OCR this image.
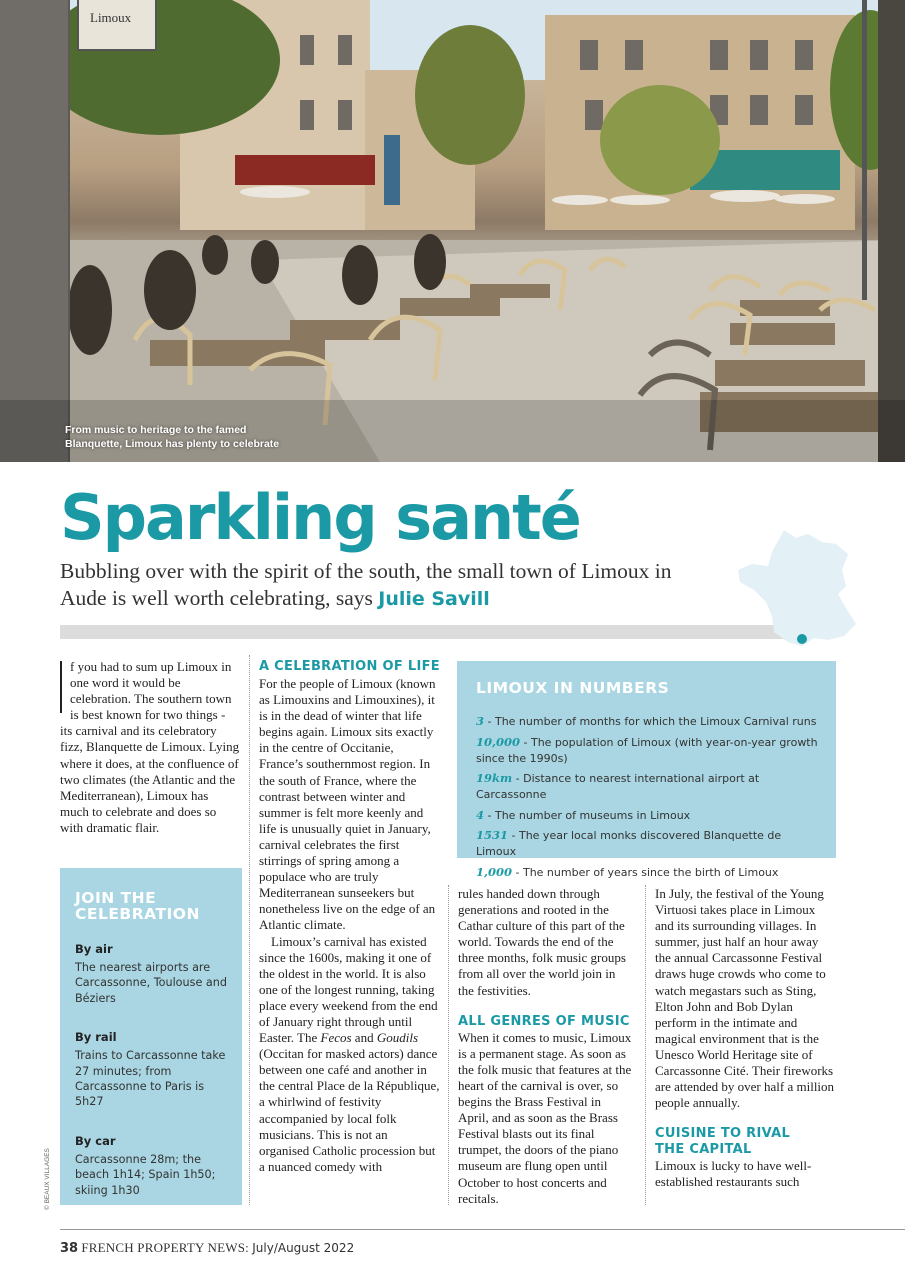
Limoux
From music to heritage to the famed Blanquette, Limoux has plenty to celebrate
Sparkling santé
Bubbling over with the spirit of the south, the small town of Limoux in Aude is well worth celebrating, says Julie Savill

f you had to sum up Limoux in one word it would be celebration. The southern town is best known for two things - its carnival and its celebratory fizz, Blanquette de Limoux. Lying where it does, at the confluence of two climates (the Atlantic and the Mediterranean), Limoux has much to celebrate and does so with dramatic flair.

JOIN THE CELEBRATION
By air
The nearest airports are Carcassonne, Toulouse and Béziers
By rail
Trains to Carcassonne take 27 minutes; from Carcassonne to Paris is 5h27
By car
Carcassonne 28m; the beach 1h14; Spain 1h50; skiing 1h30
A CELEBRATION OF LIFE

For the people of Limoux (known as Limouxins and Limouxines), it is in the dead of winter that life begins again. Limoux sits exactly in the centre of Occitanie, France’s southernmost region. In the south of France, where the contrast between winter and summer is felt more keenly and life is unusually quiet in January, carnival celebrates the first stirrings of spring among a populace who are truly Mediterranean sunseekers but nonetheless live on the edge of an Atlantic climate.

Limoux’s carnival has existed since the 1600s, making it one of the oldest in the world. It is also one of the longest running, taking place every weekend from the end of January right through until Easter. The Fecos and Goudils (Occitan for masked actors) dance between one café and another in the central Place de la République, a whirlwind of festivity accompanied by local folk musicians. This is not an organised Catholic procession but a nuanced comedy with

LIMOUX IN NUMBERS
3 - The number of months for which the Limoux Carnival runs
10,000 - The population of Limoux (with year-on-year growth since the 1990s)
19km - Distance to nearest international airport at Carcassonne
4 - The number of museums in Limoux
1531 - The year local monks discovered Blanquette de Limoux
1,000 - The number of years since the birth of Limoux

rules handed down through generations and rooted in the Cathar culture of this part of the world. Towards the end of the three months, folk music groups from all over the world join in the festivities.

ALL GENRES OF MUSIC

When it comes to music, Limoux is a permanent stage. As soon as the folk music that features at the heart of the carnival is over, so begins the Brass Festival in April, and as soon as the Brass Festival blasts out its final trumpet, the doors of the piano museum are flung open until October to host concerts and recitals.

In July, the festival of the Young Virtuosi takes place in Limoux and its surrounding villages. In summer, just half an hour away the annual Carcassonne Festival draws huge crowds who come to watch megastars such as Sting, Elton John and Bob Dylan perform in the intimate and magical environment that is the Unesco World Heritage site of Carcassonne Cité. Their fireworks are attended by over half a million people annually.

CUISINE TO RIVAL THE CAPITAL

Limoux is lucky to have well-established restaurants such

© BEAUX VILLAGES
38 FRENCH PROPERTY NEWS: July/August 2022
